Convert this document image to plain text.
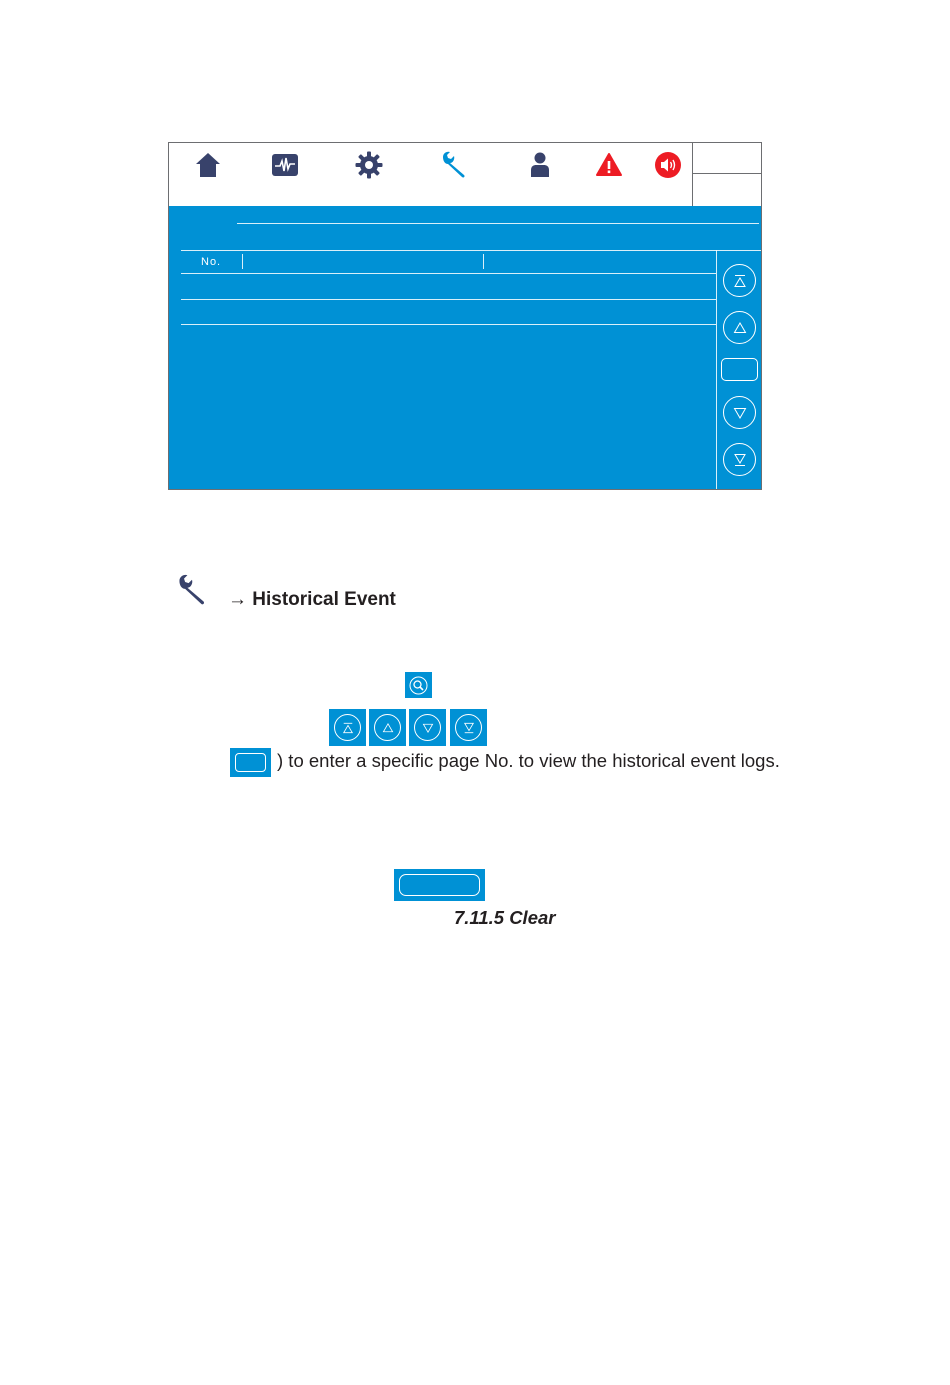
No.
→ Historical Event
) to enter a specific page No. to view the historical event logs.
7.11.5 Clear
